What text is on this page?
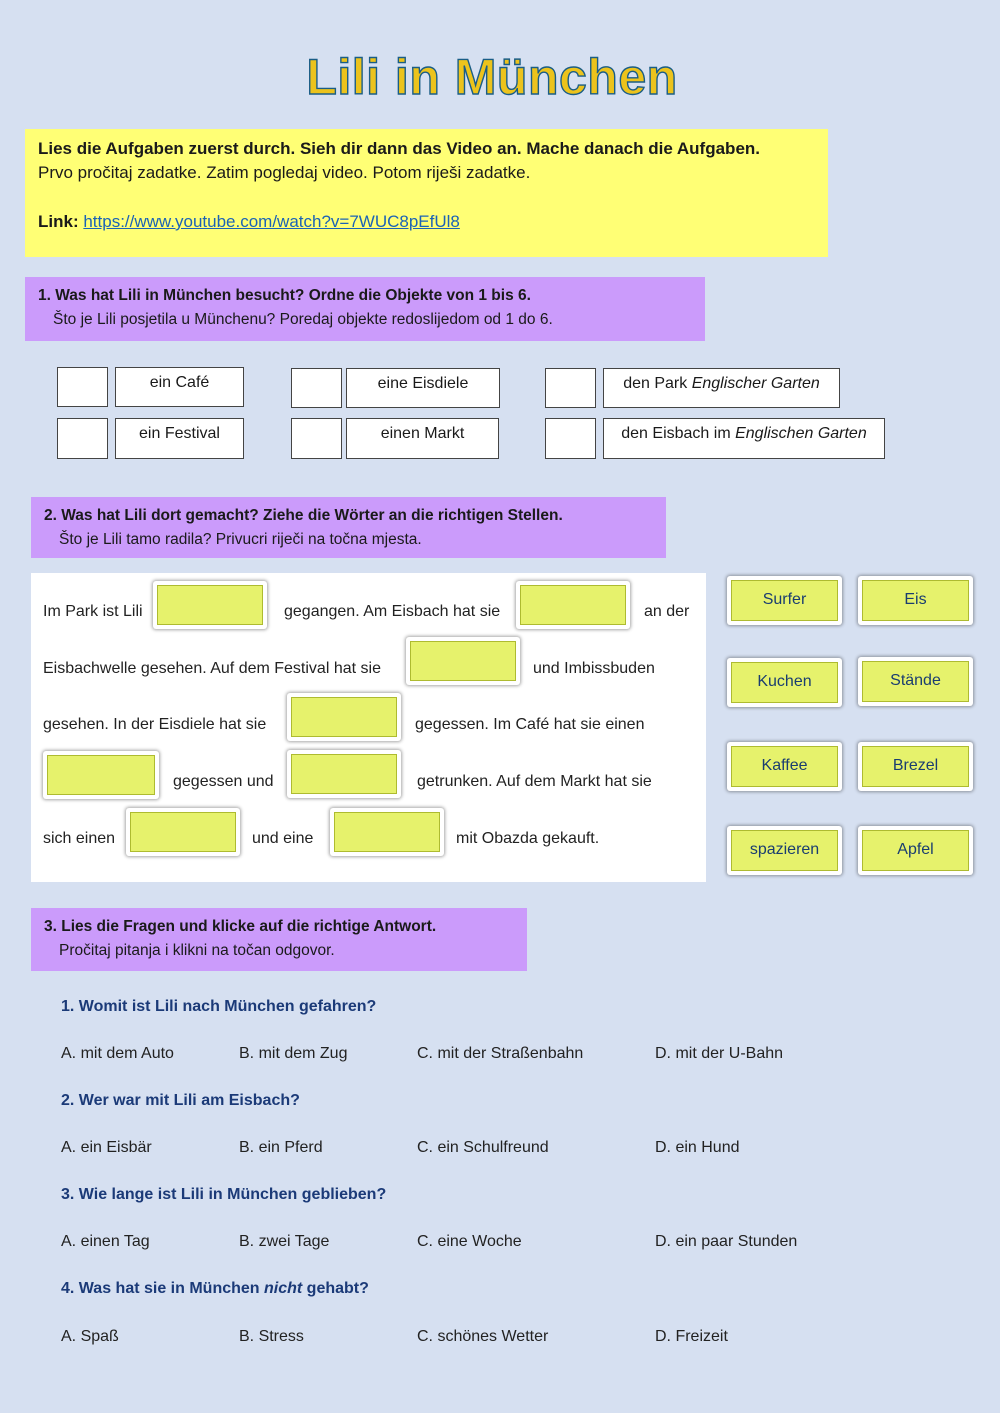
Lili in München
Lies die Aufgaben zuerst durch. Sieh dir dann das Video an. Mache danach die Aufgaben.
Prvo pročitaj zadatke. Zatim pogledaj video. Potom riješi zadatke.
Link: https://www.youtube.com/watch?v=7WUC8pEfUl8
1. Was hat Lili in München besucht? Ordne die Objekte von 1 bis 6.
Što je Lili posjetila u Münchenu? Poredaj objekte redoslijedom od 1 do 6.
ein Café	eine Eisdiele	den Park Englischer Garten
ein Festival	einen Markt	den Eisbach im Englischen Garten
2. Was hat Lili dort gemacht? Ziehe die Wörter an die richtigen Stellen.
Što je Lili tamo radila? Privucri riječi na točna mjesta.
Im Park ist Lili	gegangen. Am Eisbach hat sie	an der
Eisbachwelle gesehen. Auf dem Festival hat sie	und Imbissbuden
gesehen. In der Eisdiele hat sie	gegessen. Im Café hat sie einen
gegessen und	getrunken. Auf dem Markt hat sie
sich einen	und eine	mit Obazda gekauft.
Surfer	Eis
Kuchen	Stände
Kaffee	Brezel
spazieren	Apfel
3. Lies die Fragen und klicke auf die richtige Antwort.
Pročitaj pitanja i klikni na točan odgovor.
1. Womit ist Lili nach München gefahren?
A. mit dem Auto	B. mit dem Zug	C. mit der Straßenbahn	D. mit der U-Bahn
2. Wer war mit Lili am Eisbach?
A. ein Eisbär	B. ein Pferd	C. ein Schulfreund	D. ein Hund
3. Wie lange ist Lili in München geblieben?
A. einen Tag	B. zwei Tage	C. eine Woche	D. ein paar Stunden
4. Was hat sie in München nicht gehabt?
A. Spaß	B. Stress	C. schönes Wetter	D. Freizeit
